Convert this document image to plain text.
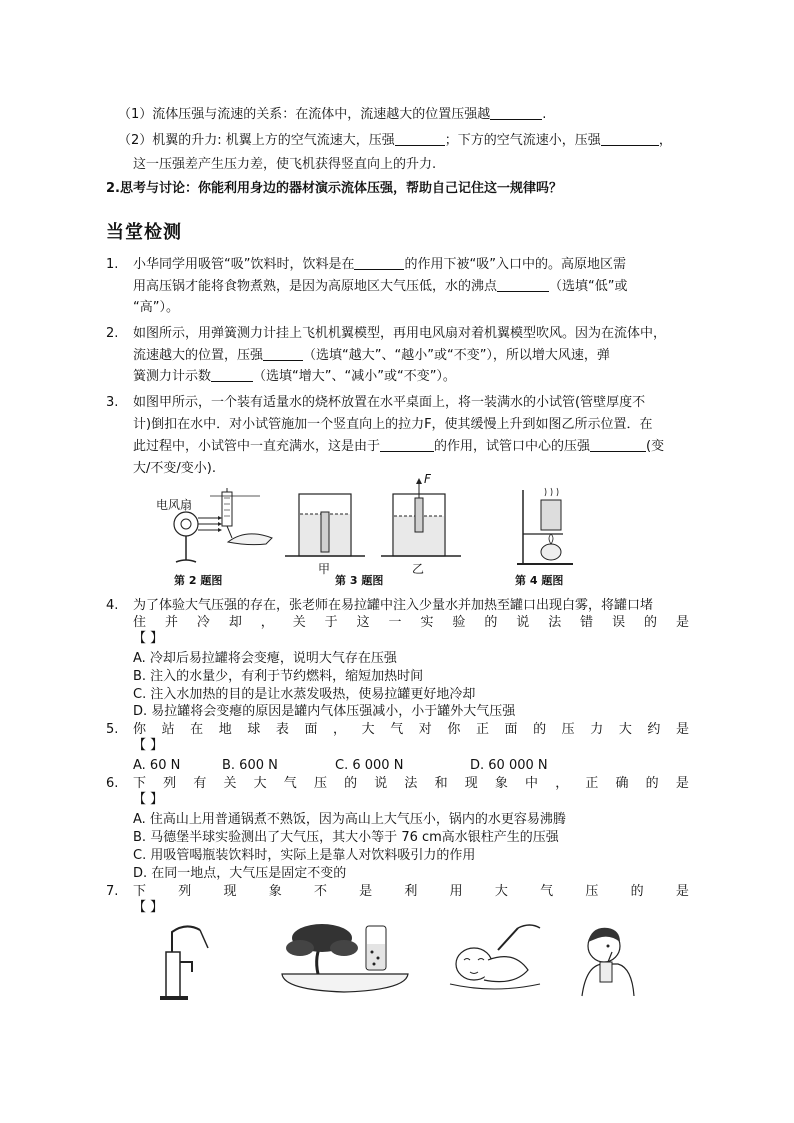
（1）流体压强与流速的关系：在流体中，流速越大的位置压强越	.
（2）机翼的升力: 机翼上方的空气流速大，压强	；下方的空气流速小，压强	，
这一压强差产生压力差，使飞机获得竖直向上的升力.
2.思考与讨论：你能利用身边的器材演示流体压强，帮助自己记住这一规律吗？
当堂检测
1.	小华同学用吸管“吸”饮料时，饮料是在	的作用下被“吸”入口中的。高原地区需
用高压锅才能将食物煮熟，是因为高原地区大气压低，水的沸点	（选填“低”或
“高”）。
2.	如图所示，用弹簧测力计挂上飞机机翼模型，再用电风扇对着机翼模型吹风。因为在流体中，
流速越大的位置，压强	（选填“越大”、“越小”或“不变”），所以增大风速，弹
簧测力计示数	（选填“增大”、“减小”或“不变”）。
3.	如图甲所示，一个装有适量水的烧杯放置在水平桌面上，将一装满水的小试管(管壁厚度不
计)倒扣在水中．对小试管施加一个竖直向上的拉力F，使其缓慢上升到如图乙所示位置．在
此过程中，小试管中一直充满水，这是由于	的作用，试管口中心的压强	(变
大/不变/变小).
电风扇
F
甲	乙
第 2 题图	第 3 题图	第 4 题图
4.	为了体验大气压强的存在，张老师在易拉罐中注入少量水并加热至罐口出现白雾，将罐口堵
住 并 冷 却 ， 关 于 这 一 实 验 的 说 法 错 误 的 是
【 】
A. 冷却后易拉罐将会变瘪，说明大气存在压强
B. 注入的水量少，有利于节约燃料，缩短加热时间
C. 注入水加热的目的是让水蒸发吸热，使易拉罐更好地冷却
D. 易拉罐将会变瘪的原因是罐内气体压强减小，小于罐外大气压强
5.	你 站 在 地 球 表 面 ， 大 气 对 你 正 面 的 压 力 大 约 是
【 】
A. 60 N	B. 600 N	C. 6 000 N	D. 60 000 N
6.	下 列 有 关 大 气 压 的 说 法 和 现 象 中 ， 正 确 的 是
【 】
A. 住高山上用普通锅煮不熟饭，因为高山上大气压小，锅内的水更容易沸腾
B. 马德堡半球实验测出了大气压，其大小等于 76 cm高水银柱产生的压强
C. 用吸管喝瓶装饮料时，实际上是靠人对饮料吸引力的作用
D. 在同一地点，大气压是固定不变的
7.	下 列 现 象 不 是 利 用 大 气 压 的 是
【 】
